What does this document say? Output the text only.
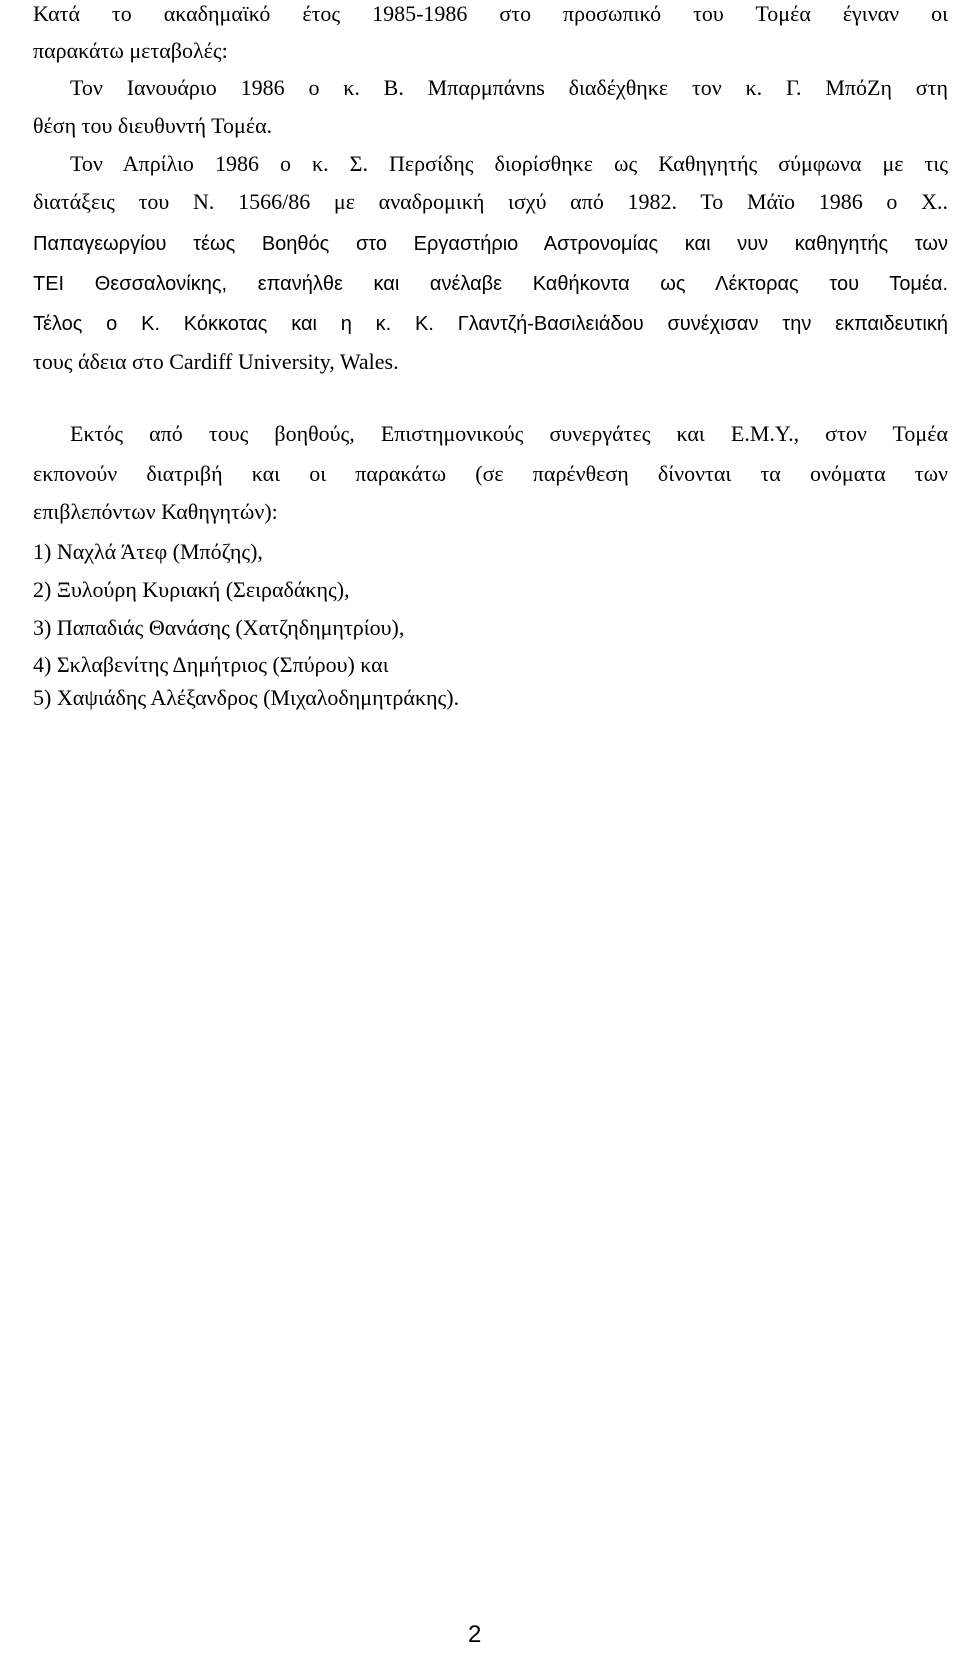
Κατά το ακαδημαϊκό έτος 1985-1986 στο προσωπικό του Τομέα έγιναν οι
παρακάτω μεταβολές:
Τον Ιανουάριο 1986 ο κ. Β. Μπαρμπάνns διαδέχθηκε τον κ. Γ. ΜπόΖη στη
θέση του διευθυντή Τομέα.
Τον Απρίλιο 1986 ο κ. Σ. Περσίδης διορίσθηκε ως Καθηγητής σύμφωνα με τις
διατάξεις του Ν. 1566/86 με αναδρομική ισχύ από 1982. Το Μάϊο 1986 ο Χ..
Παπαγεωργίου τέως Βοηθός στο Εργαστήριο Αστρονομίας και νυν καθηγητής των
ΤΕΙ Θεσσαλονίκης, επανήλθε και ανέλαβε Καθήκοντα ως Λέκτορας του Τομέα.
Τέλος ο Κ. Κόκκοτας και η κ. Κ. Γλαντζή-Βασιλειάδου συνέχισαν την εκπαιδευτική
τους άδεια στο Cardiff University, Wales.
Εκτός από τους βοηθούς, Επιστημονικούς συνεργάτες και Ε.Μ.Υ., στον Τομέα
εκπονούν διατριβή και οι παρακάτω (σε παρένθεση δίνονται τα ονόματα των
επιβλεπόντων Καθηγητών):
1) Ναχλά Άτεφ (Μπόζης),
2) Ξυλούρη Κυριακή (Σειραδάκης),
3) Παπαδιάς Θανάσης (Χατζηδημητρίου),
4) Σκλαβενίτης Δημήτριος (Σπύρου) και
5) Χαψιάδης Αλέξανδρος (Μιχαλοδημητράκης).
2
